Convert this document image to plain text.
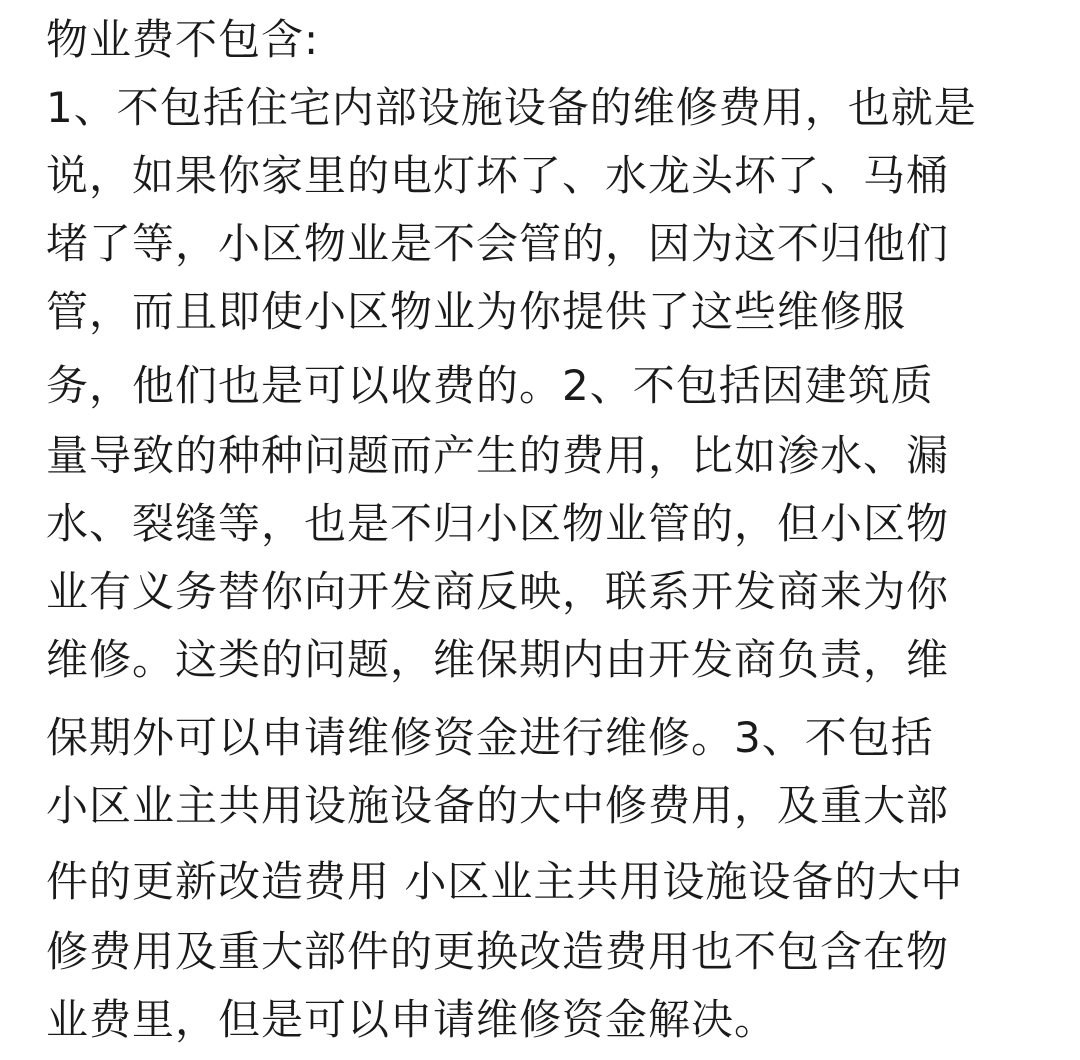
物业费不包含:
1、不包括住宅内部设施设备的维修费用，也就是
说，如果你家里的电灯坏了、水龙头坏了、马桶
堵了等，小区物业是不会管的，因为这不归他们
管，而且即使小区物业为你提供了这些维修服
务，他们也是可以收费的。2、不包括因建筑质
量导致的种种问题而产生的费用，比如渗水、漏
水、裂缝等，也是不归小区物业管的，但小区物
业有义务替你向开发商反映，联系开发商来为你
维修。这类的问题，维保期内由开发商负责，维
保期外可以申请维修资金进行维修。3、不包括
小区业主共用设施设备的大中修费用，及重大部
件的更新改造费用 小区业主共用设施设备的大中
修费用及重大部件的更换改造费用也不包含在物
业费里，但是可以申请维修资金解决。
